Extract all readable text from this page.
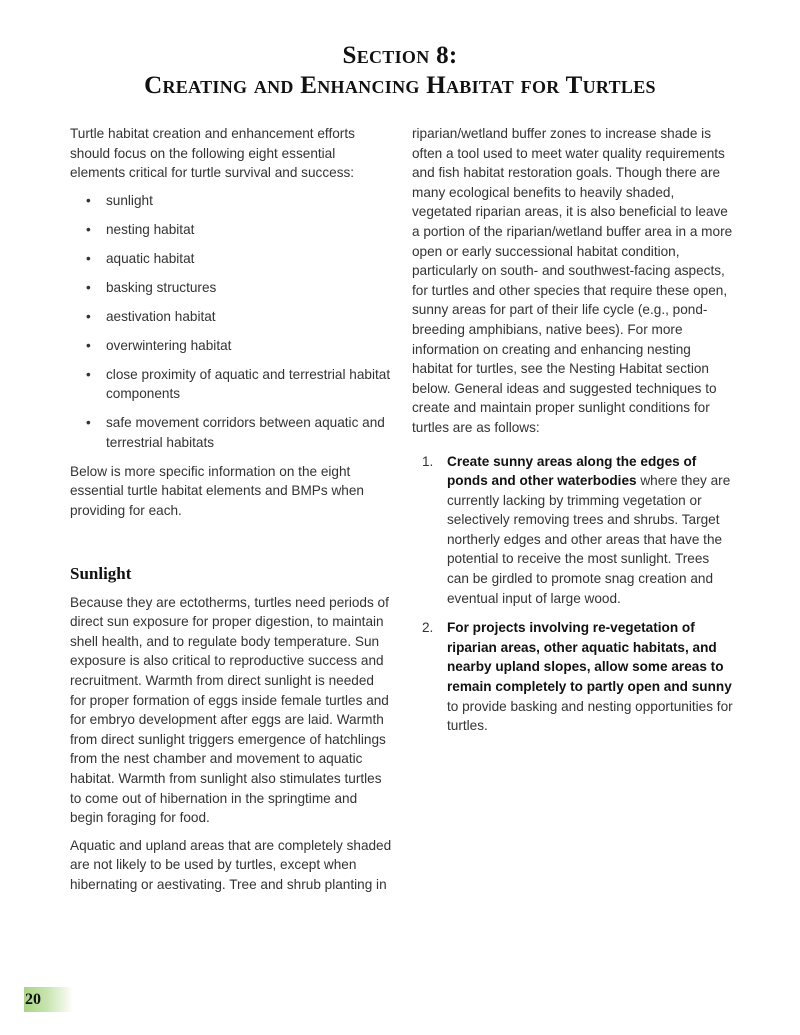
Section 8:
Creating and Enhancing Habitat for Turtles

Turtle habitat creation and enhancement efforts should focus on the following eight essential elements critical for turtle survival and success:

• sunlight
• nesting habitat
• aquatic habitat
• basking structures
• aestivation habitat
• overwintering habitat
• close proximity of aquatic and terrestrial habitat components
• safe movement corridors between aquatic and terrestrial habitats

Below is more specific information on the eight essential turtle habitat elements and BMPs when providing for each.

Sunlight

Because they are ectotherms, turtles need periods of direct sun exposure for proper digestion, to maintain shell health, and to regulate body temperature. Sun exposure is also critical to reproductive success and recruitment. Warmth from direct sunlight is needed for proper formation of eggs inside female turtles and for embryo development after eggs are laid. Warmth from direct sunlight triggers emergence of hatchlings from the nest chamber and movement to aquatic habitat. Warmth from sunlight also stimulates turtles to come out of hibernation in the springtime and begin foraging for food.

Aquatic and upland areas that are completely shaded are not likely to be used by turtles, except when hibernating or aestivating. Tree and shrub planting in

riparian/wetland buffer zones to increase shade is often a tool used to meet water quality requirements and fish habitat restoration goals. Though there are many ecological benefits to heavily shaded, vegetated riparian areas, it is also beneficial to leave a portion of the riparian/wetland buffer area in a more open or early successional habitat condition, particularly on south- and southwest-facing aspects, for turtles and other species that require these open, sunny areas for part of their life cycle (e.g., pond-breeding amphibians, native bees). For more information on creating and enhancing nesting habitat for turtles, see the Nesting Habitat section below. General ideas and suggested techniques to create and maintain proper sunlight conditions for turtles are as follows:

1. Create sunny areas along the edges of ponds and other waterbodies where they are currently lacking by trimming vegetation or selectively removing trees and shrubs. Target northerly edges and other areas that have the potential to receive the most sunlight. Trees can be girdled to promote snag creation and eventual input of large wood.
2. For projects involving re-vegetation of riparian areas, other aquatic habitats, and nearby upland slopes, allow some areas to remain completely to partly open and sunny to provide basking and nesting opportunities for turtles.
20
